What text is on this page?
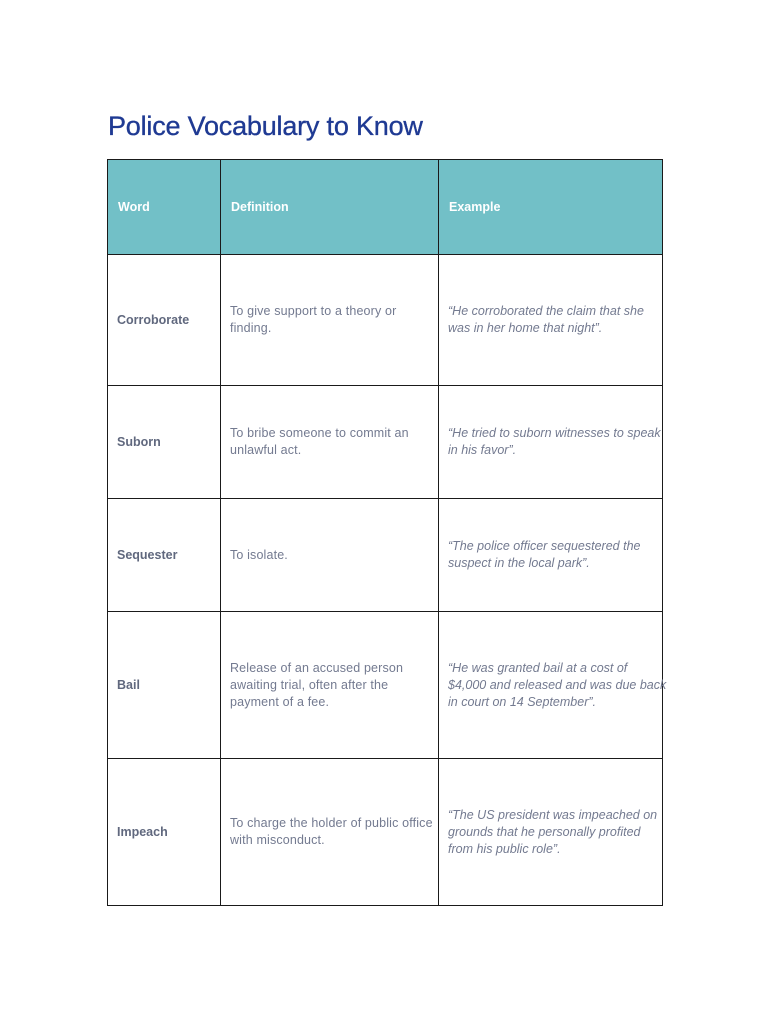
Police Vocabulary to Know
Word	Definition	Example
Corroborate	To give support to a theory or finding.	“He corroborated the claim that she was in her home that night”.

Suborn	To bribe someone to commit an unlawful act.	“He tried to suborn witnesses to speak in his favor”.

Sequester	To isolate.	“The police officer sequestered the suspect in the local park”.

Bail	Release of an accused person awaiting trial, often after the payment of a fee.	“He was granted bail at a cost of $4,000 and released and was due back in court on 14 September”.

Impeach	To charge the holder of public office with misconduct.	“The US president was impeached on grounds that he personally profited from his public role”.
